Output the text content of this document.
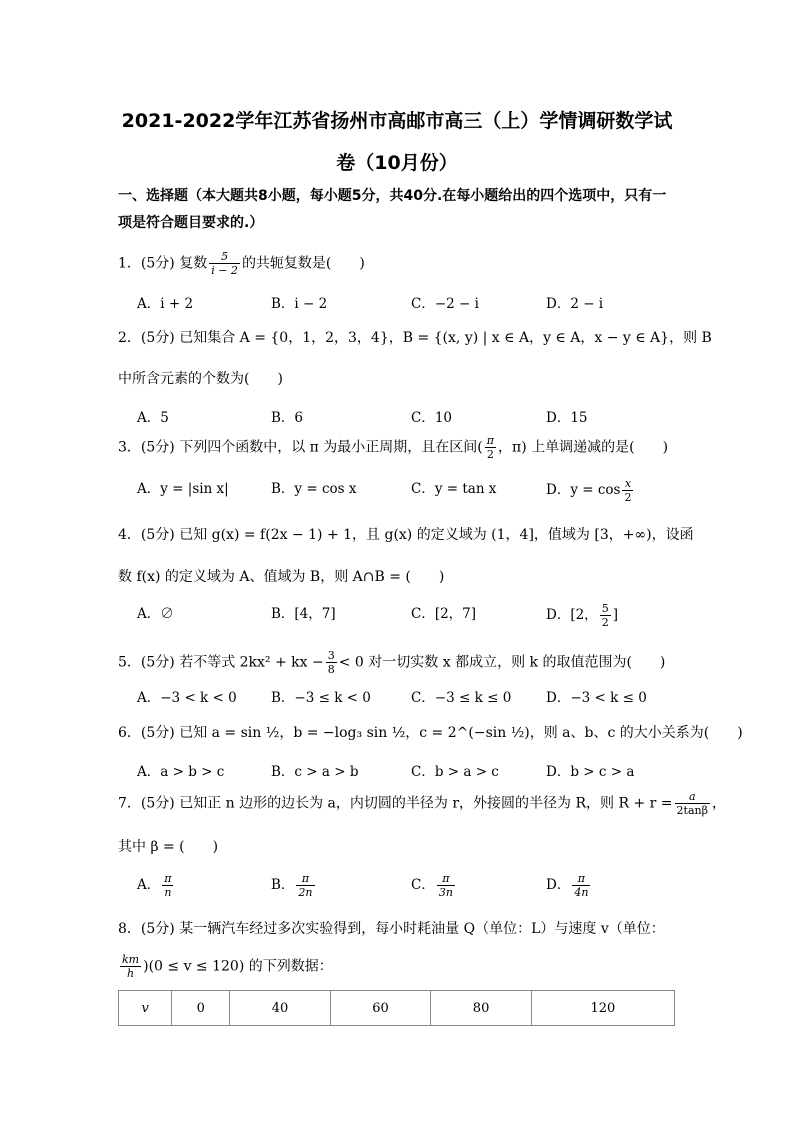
2021-2022学年江苏省扬州市高邮市高三（上）学情调研数学试
卷（10月份）
一、选择题（本大题共8小题，每小题5分，共40分.在每小题给出的四个选项中，只有一
项是符合题目要求的.）
1．(5分) 复数 $\frac{5}{i - 2}$ 的共轭复数是(　　)
A．i + 2	B．i − 2	C．−2 − i	D．2 − i
2．(5分) 已知集合 A = {0，1，2，3，4}，B = {(x, y) | x ∈ A，y ∈ A，x − y ∈ A}，则 B
中所含元素的个数为(　　)
A．5	B．6	C．10	D．15
3．(5分) 下列四个函数中，以 π 为最小正周期，且在区间( $\frac{\pi}{2}$ ，π) 上单调递减的是(　　)
A．y = |sin x|	B．y = cos x	C．y = tan x	D．$y = \cos \frac{x}{2}$
4．(5分) 已知 g(x) = f(2x − 1) + 1，且 g(x) 的定义域为 (1，4]，值域为 [3，+∞)，设函
数 f(x) 的定义域为 A、值域为 B，则 A∩B = (　　)
A．∅	B．[4，7]	C．[2，7]	D．[2， $\frac{5}{2}$ ]
5．(5分) 若不等式 2kx² + kx − $\frac{3}{8} < 0$ 对一切实数 x 都成立，则 k 的取值范围为(　　)
A．−3 < k < 0	B．−3 ≤ k < 0	C．−3 ≤ k ≤ 0	D．−3 < k ≤ 0
6．(5分) 已知 a = sin ½，b = −log₃ sin ½，c = 2^(−sin ½)，则 a、b、c 的大小关系为(　　)
A．a > b > c	B．c > a > b	C．b > a > c	D．b > c > a
7．(5分) 已知正 n 边形的边长为 a，内切圆的半径为 r，外接圆的半径为 R，则 $R + r = \frac{a}{2\tan\beta}$ ，
其中 β = (　　)
A． $\frac{\pi}{n}$	B． $\frac{\pi}{2n}$	C． $\frac{\pi}{3n}$	D． $\frac{\pi}{4n}$
8．(5分) 某一辆汽车经过多次实验得到，每小时耗油量 Q（单位：L）与速度 v（单位：
$\frac{km}{h} )(0 \le v \le 120)$ 的下列数据：
v	0	40	60	80	120
